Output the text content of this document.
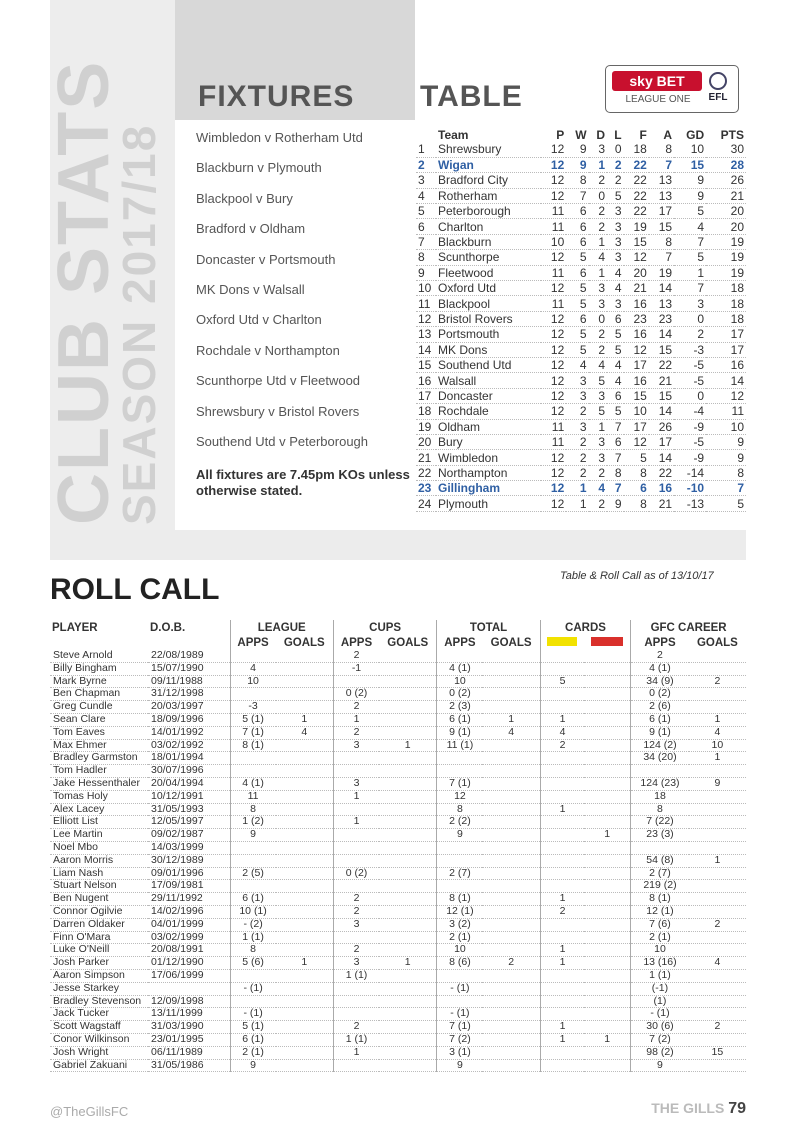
CLUB STATS
SEASON 2017/18
FIXTURES
Wimbledon v Rotherham Utd
Blackburn v Plymouth
Blackpool v Bury
Bradford v Oldham
Doncaster v Portsmouth
MK Dons v Walsall
Oxford Utd v Charlton
Rochdale v Northampton
Scunthorpe Utd v Fleetwood
Shrewsbury v Bristol Rovers
Southend Utd v Peterborough

All fixtures are 7.45pm KOs unless otherwise stated.

TABLE	sky BET
LEAGUE ONE	EFL
	Team	P	W	D	L	F	A	GD	PTS
1	Shrewsbury	12	9	3	0	18	8	10	30
2	Wigan	12	9	1	2	22	7	15	28
3	Bradford City	12	8	2	2	22	13	9	26
4	Rotherham	12	7	0	5	22	13	9	21
5	Peterborough	11	6	2	3	22	17	5	20
6	Charlton	11	6	2	3	19	15	4	20
7	Blackburn	10	6	1	3	15	8	7	19
8	Scunthorpe	12	5	4	3	12	7	5	19
9	Fleetwood	11	6	1	4	20	19	1	19
10	Oxford Utd	12	5	3	4	21	14	7	18
11	Blackpool	11	5	3	3	16	13	3	18
12	Bristol Rovers	12	6	0	6	23	23	0	18
13	Portsmouth	12	5	2	5	16	14	2	17
14	MK Dons	12	5	2	5	12	15	-3	17
15	Southend Utd	12	4	4	4	17	22	-5	16
16	Walsall	12	3	5	4	16	21	-5	14
17	Doncaster	12	3	3	6	15	15	0	12
18	Rochdale	12	2	5	5	10	14	-4	11
19	Oldham	11	3	1	7	17	26	-9	10
20	Bury	11	2	3	6	12	17	-5	9
21	Wimbledon	12	2	3	7	5	14	-9	9
22	Northampton	12	2	2	8	8	22	-14	8
23	Gillingham	12	1	4	7	6	16	-10	7
24	Plymouth	12	1	2	9	8	21	-13	5
Table & Roll Call as of 13/10/17
ROLL CALL
PLAYER	D.O.B.	LEAGUE		CUPS		TOTAL		CARDS		GFC CAREER	
		APPS	GOALS	APPS	GOALS	APPS	GOALS			APPS	GOALS
Steve Arnold	22/08/1989			2						2	
Billy Bingham	15/07/1990	4		-1		4 (1)				4 (1)	
Mark Byrne	09/11/1988	10				10		5		34 (9)	2
Ben Chapman	31/12/1998			0 (2)		0 (2)				0 (2)	
Greg Cundle	20/03/1997	-3		2		2 (3)				2 (6)	
Sean Clare	18/09/1996	5 (1)	1	1		6 (1)	1	1		6 (1)	1
Tom Eaves	14/01/1992	7 (1)	4	2		9 (1)	4	4		9 (1)	4
Max Ehmer	03/02/1992	8 (1)		3	1	11 (1)		2		124 (2)	10
Bradley Garmston	18/01/1994									34 (20)	1
Tom Hadler	30/07/1996										
Jake Hessenthaler	20/04/1994	4 (1)		3		7 (1)				124 (23)	9
Tomas Holy	10/12/1991	11		1		12				18	
Alex Lacey	31/05/1993	8				8		1		8	
Elliott List	12/05/1997	1 (2)		1		2 (2)				7 (22)	
Lee Martin	09/02/1987	9				9			1	23 (3)	
Noel Mbo	14/03/1999										
Aaron Morris	30/12/1989									54 (8)	1
Liam Nash	09/01/1996	2 (5)		0 (2)		2 (7)				2 (7)	
Stuart Nelson	17/09/1981									219 (2)	
Ben Nugent	29/11/1992	6 (1)		2		8 (1)		1		8 (1)	
Connor Ogilvie	14/02/1996	10 (1)		2		12 (1)		2		12 (1)	
Darren Oldaker	04/01/1999	- (2)		3		3 (2)				7 (6)	2
Finn O'Mara	03/02/1999	1 (1)				2 (1)				2 (1)	
Luke O'Neill	20/08/1991	8		2		10		1		10	
Josh Parker	01/12/1990	5 (6)	1	3	1	8 (6)	2	1		13 (16)	4
Aaron Simpson	17/06/1999			1 (1)						1 (1)	
Jesse Starkey		- (1)				- (1)				(-1)	
Bradley Stevenson	12/09/1998									(1)	
Jack Tucker	13/11/1999	- (1)				- (1)				- (1)	
Scott Wagstaff	31/03/1990	5 (1)		2		7 (1)		1		30 (6)	2
Conor Wilkinson	23/01/1995	6 (1)		1 (1)		7 (2)		1	1	7 (2)	
Josh Wright	06/11/1989	2 (1)		1		3 (1)				98 (2)	15
Gabriel Zakuani	31/05/1986	9				9				9	
@TheGillsFC	THE GILLS 79
